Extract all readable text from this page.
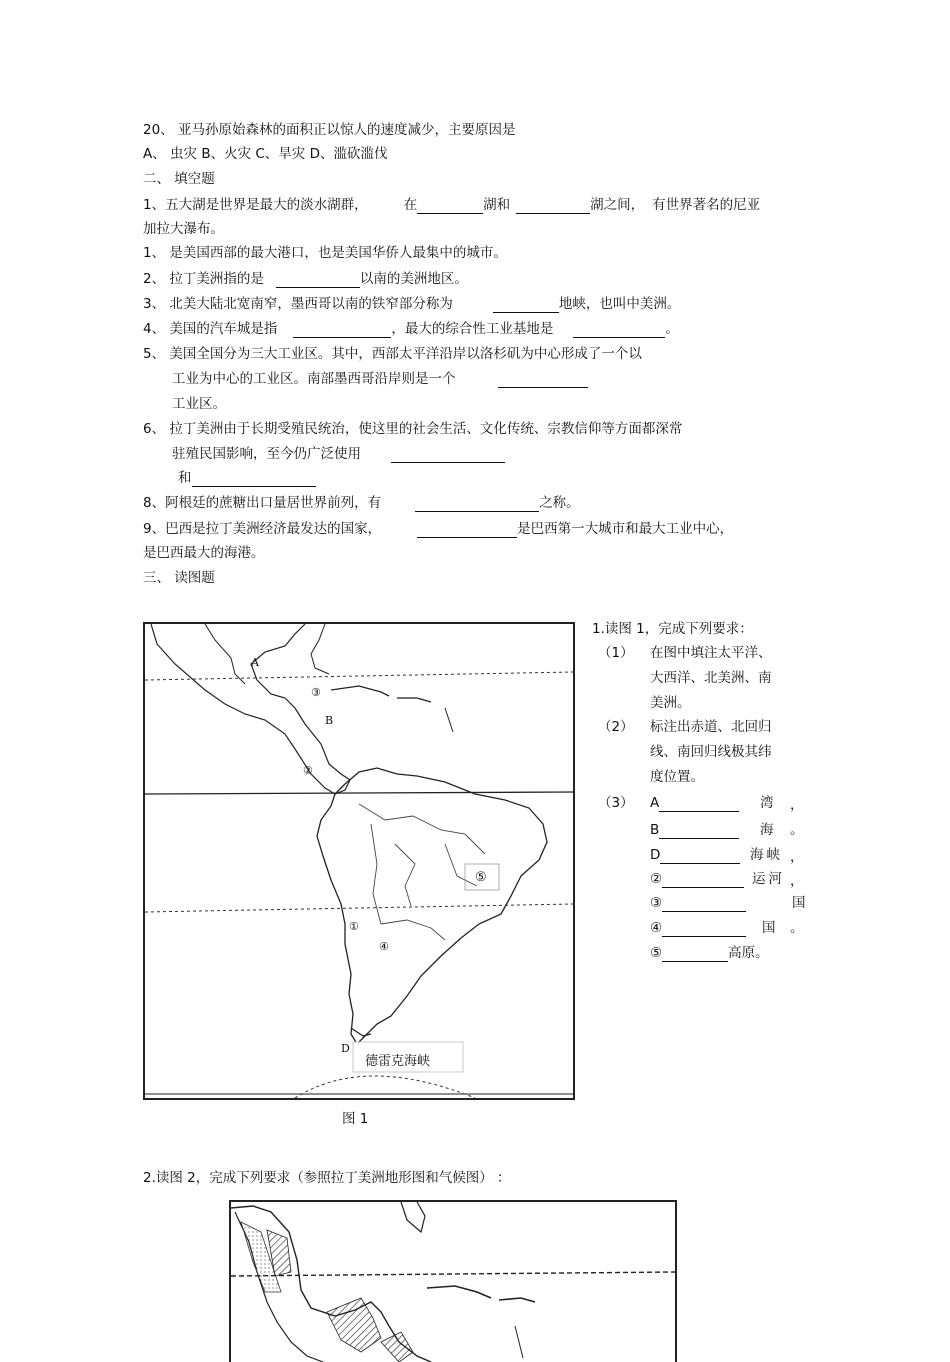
20、 亚马孙原始森林的面积正以惊人的速度减少，主要原因是
A、 虫灾 B、火灾 C、旱灾 D、滥砍滥伐
二、 填空题
1、五大湖是世界是最大的淡水湖群，	在	湖和	湖之间， 有世界著名的尼亚
加拉大瀑布。
1、 是美国西部的最大港口，也是美国华侨人最集中的城市。
2、 拉丁美洲指的是	以南的美洲地区。
3、 北美大陆北宽南窄，墨西哥以南的铁窄部分称为	地峡，也叫中美洲。
4、 美国的汽车城是指	，最大的综合性工业基地是	。
5、 美国全国分为三大工业区。其中，西部太平洋沿岸以洛杉矶为中心形成了一个以
工业为中心的工业区。南部墨西哥沿岸则是一个
工业区。
6、 拉丁美洲由于长期受殖民统治，使这里的社会生活、文化传统、宗教信仰等方面都深常
驻殖民国影响，至今仍广泛使用
和
8、阿根廷的蔗糖出口量居世界前列，有	之称。
9、巴西是拉丁美洲经济最发达的国家，	是巴西第一大城市和最大工业中心，
是巴西最大的海港。
三、 读图题
A
③
B
②
⑤
①
④
D
德雷克海峡
图 1
1.读图 1，完成下列要求：
（1） 在图中填注太平洋、
大西洋、北美洲、南
美洲。
（2） 标注出赤道、北回归
线、南回归线极其纬
度位置。
（3） A	湾 ，
B	海 。
D	海峡 ，
②	运河 ，
③	国
④	国 。
⑤	高原。
2.读图 2，完成下列要求（参照拉丁美洲地形图和气候图） ：
